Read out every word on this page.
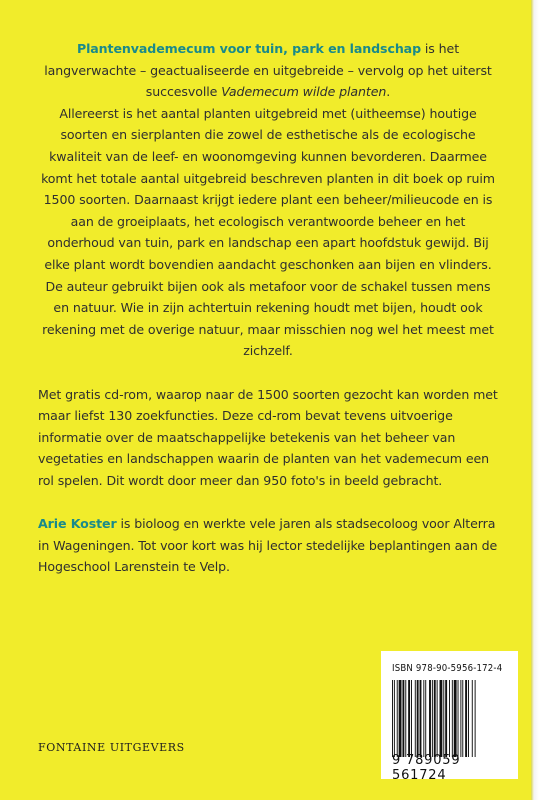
Plantenvademecum voor tuin, park en landschap is het langverwachte – geactualiseerde en uitgebreide – vervolg op het uiterst succesvolle Vademecum wilde planten.

Allereerst is het aantal planten uitgebreid met (uitheemse) houtige soorten en sierplanten die zowel de esthetische als de ecologische kwaliteit van de leef- en woonomgeving kunnen bevorderen. Daarmee komt het totale aantal uitgebreid beschreven planten in dit boek op ruim 1500 soorten. Daarnaast krijgt iedere plant een beheer/milieucode en is aan de groeiplaats, het ecologisch verantwoorde beheer en het onderhoud van tuin, park en landschap een apart hoofdstuk gewijd. Bij elke plant wordt bovendien aandacht geschonken aan bijen en vlinders. De auteur gebruikt bijen ook als metafoor voor de schakel tussen mens en natuur. Wie in zijn achtertuin rekening houdt met bijen, houdt ook rekening met de overige natuur, maar misschien nog wel het meest met zichzelf.

Met gratis cd-rom, waarop naar de 1500 soorten gezocht kan worden met maar liefst 130 zoekfuncties. Deze cd-rom bevat tevens uitvoerige informatie over de maatschappelijke betekenis van het beheer van vegetaties en landschappen waarin de planten van het vademecum een rol spelen. Dit wordt door meer dan 950 foto's in beeld gebracht.

Arie Koster is bioloog en werkte vele jaren als stadsecoloog voor Alterra in Wageningen. Tot voor kort was hij lector stedelijke beplantingen aan de Hogeschool Larenstein te Velp.

FONTAINE UITGEVERS
ISBN 978-90-5956-172-4
9 789059 561724
